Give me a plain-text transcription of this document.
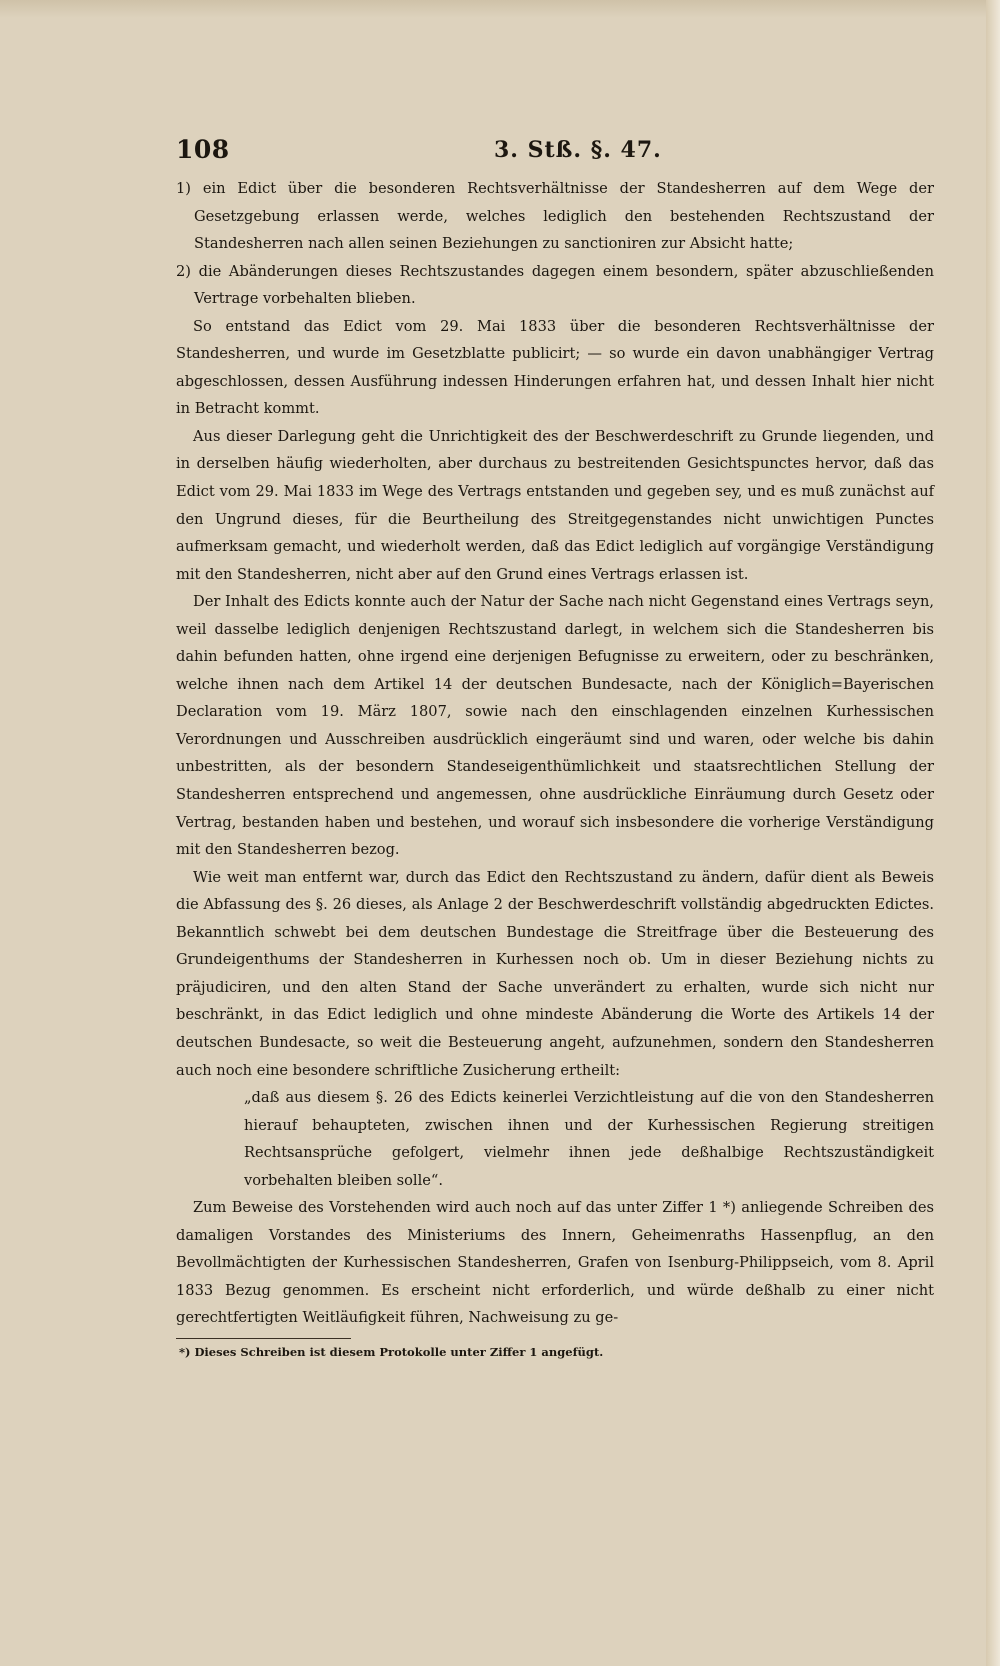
108	3. Stß. §. 47.

1) ein Edict über die besonderen Rechtsverhältnisse der Standesherren auf dem Wege der Gesetzgebung erlassen werde, welches lediglich den bestehenden Rechtszustand der Standesherren nach allen seinen Beziehungen zu sanctioniren zur Absicht hatte;

2) die Abänderungen dieses Rechtszustandes dagegen einem besondern, später abzuschließenden Vertrage vorbehalten blieben.

So entstand das Edict vom 29. Mai 1833 über die besonderen Rechtsverhältnisse der Standesherren, und wurde im Gesetzblatte publicirt; — so wurde ein davon unabhängiger Vertrag abgeschlossen, dessen Ausführung indessen Hinderungen erfahren hat, und dessen Inhalt hier nicht in Betracht kommt.

Aus dieser Darlegung geht die Unrichtigkeit des der Beschwerdeschrift zu Grunde liegenden, und in derselben häufig wiederholten, aber durchaus zu bestreitenden Gesichtspunctes hervor, daß das Edict vom 29. Mai 1833 im Wege des Vertrags entstanden und gegeben sey, und es muß zunächst auf den Ungrund dieses, für die Beurtheilung des Streitgegenstandes nicht unwichtigen Punctes aufmerksam gemacht, und wiederholt werden, daß das Edict lediglich auf vorgängige Verständigung mit den Standesherren, nicht aber auf den Grund eines Vertrags erlassen ist.

Der Inhalt des Edicts konnte auch der Natur der Sache nach nicht Gegenstand eines Vertrags seyn, weil dasselbe lediglich denjenigen Rechtszustand darlegt, in welchem sich die Standesherren bis dahin befunden hatten, ohne irgend eine derjenigen Befugnisse zu erweitern, oder zu beschränken, welche ihnen nach dem Artikel 14 der deutschen Bundesacte, nach der Königlich=Bayerischen Declaration vom 19. März 1807, sowie nach den einschlagenden einzelnen Kurhessischen Verordnungen und Ausschreiben ausdrücklich eingeräumt sind und waren, oder welche bis dahin unbestritten, als der besondern Standeseigenthümlichkeit und staatsrechtlichen Stellung der Standesherren entsprechend und angemessen, ohne ausdrückliche Einräumung durch Gesetz oder Vertrag, bestanden haben und bestehen, und worauf sich insbesondere die vorherige Verständigung mit den Standesherren bezog.

Wie weit man entfernt war, durch das Edict den Rechtszustand zu ändern, dafür dient als Beweis die Abfassung des §. 26 dieses, als Anlage 2 der Beschwerdeschrift vollständig abgedruckten Edictes. Bekanntlich schwebt bei dem deutschen Bundestage die Streitfrage über die Besteuerung des Grundeigenthums der Standesherren in Kurhessen noch ob. Um in dieser Beziehung nichts zu präjudiciren, und den alten Stand der Sache unverändert zu erhalten, wurde sich nicht nur beschränkt, in das Edict lediglich und ohne mindeste Abänderung die Worte des Artikels 14 der deutschen Bundesacte, so weit die Besteuerung angeht, aufzunehmen, sondern den Standesherren auch noch eine besondere schriftliche Zusicherung ertheilt:

„daß aus diesem §. 26 des Edicts keinerlei Verzichtleistung auf die von den Standesherren hierauf behaupteten, zwischen ihnen und der Kurhessischen Regierung streitigen Rechtsansprüche gefolgert, vielmehr ihnen jede deßhalbige Rechtszuständigkeit vorbehalten bleiben solle“.

Zum Beweise des Vorstehenden wird auch noch auf das unter Ziffer 1 *) anliegende Schreiben des damaligen Vorstandes des Ministeriums des Innern, Geheimenraths Hassenpflug, an den Bevollmächtigten der Kurhessischen Standesherren, Grafen von Isenburg-Philippseich, vom 8. April 1833 Bezug genommen. Es erscheint nicht erforderlich, und würde deßhalb zu einer nicht gerechtfertigten Weitläufigkeit führen, Nachweisung zu ge-

*) Dieses Schreiben ist diesem Protokolle unter Ziffer 1 angefügt.
